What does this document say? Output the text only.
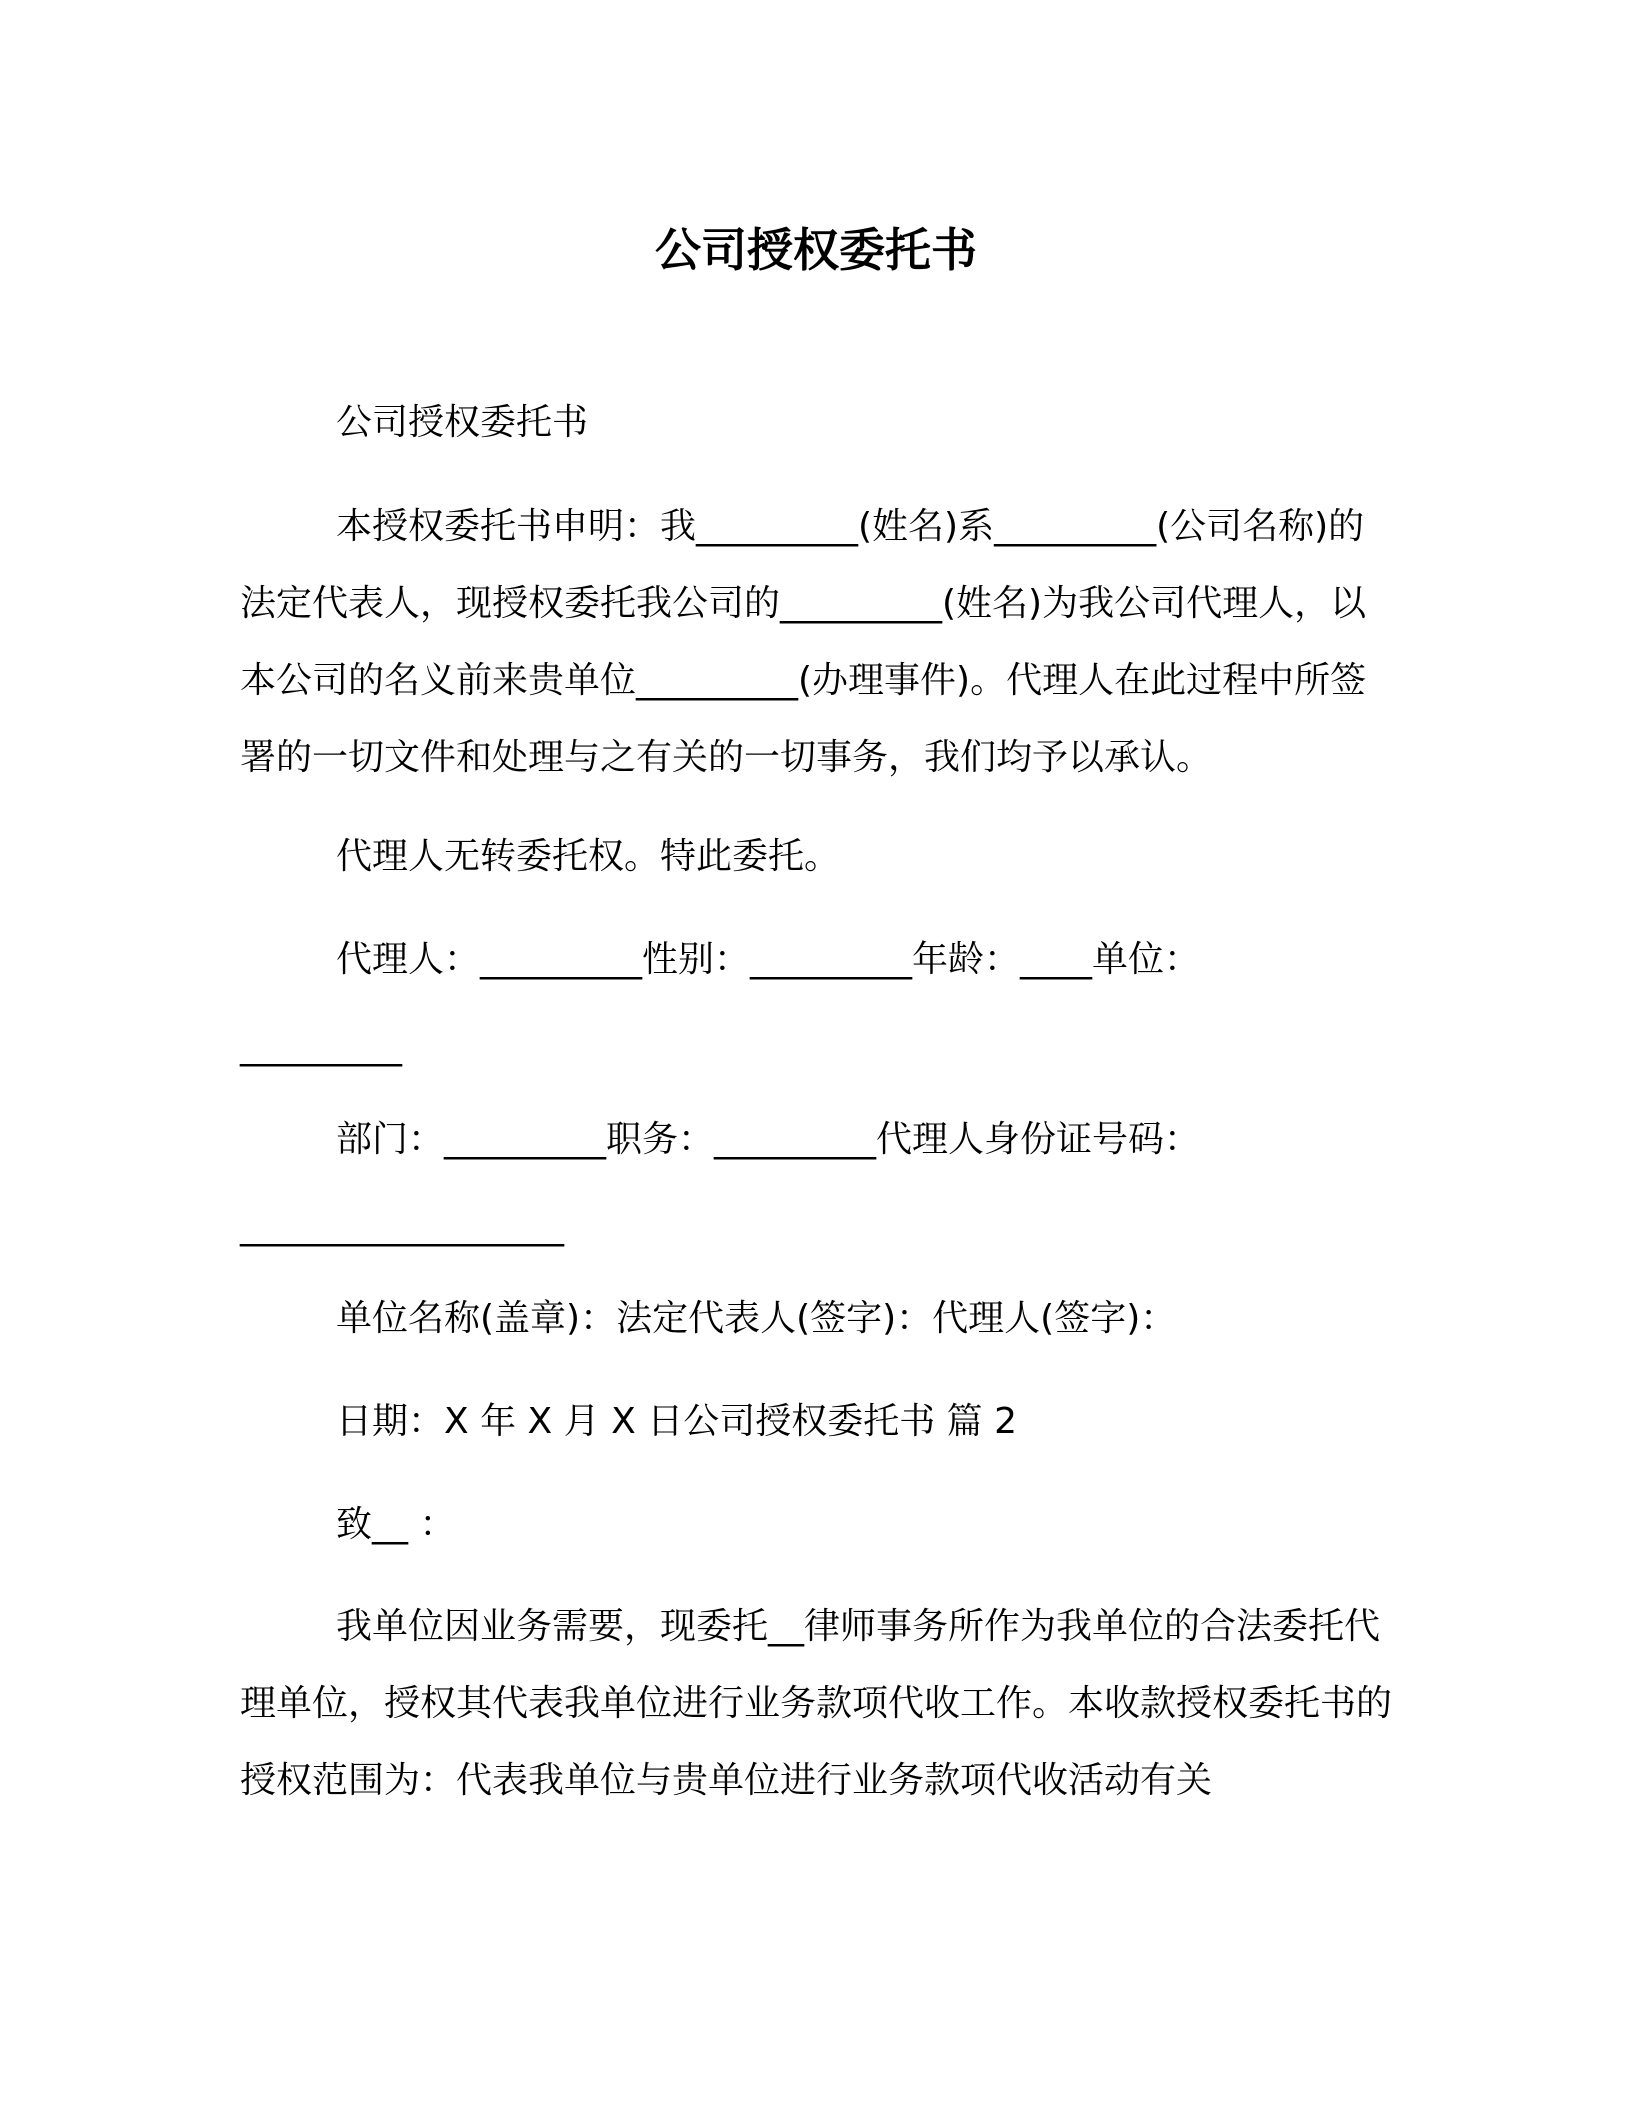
公司授权委托书

公司授权委托书

本授权委托书申明：我_________(姓名)系_________(公司名称)的法定代表人，现授权委托我公司的_________(姓名)为我公司代理人，以本公司的名义前来贵单位_________(办理事件)。代理人在此过程中所签署的一切文件和处理与之有关的一切事务，我们均予以承认。

代理人无转委托权。特此委托。

代理人：_________性别：_________年龄：____单位：

_________

部门：_________职务：_________代理人身份证号码：

__________________

单位名称(盖章)：法定代表人(签字)：代理人(签字)：

日期：X 年 X 月 X 日公司授权委托书 篇 2

致__ ：

我单位因业务需要，现委托__律师事务所作为我单位的合法委托代理单位，授权其代表我单位进行业务款项代收工作。本收款授权委托书的授权范围为：代表我单位与贵单位进行业务款项代收活动有关
